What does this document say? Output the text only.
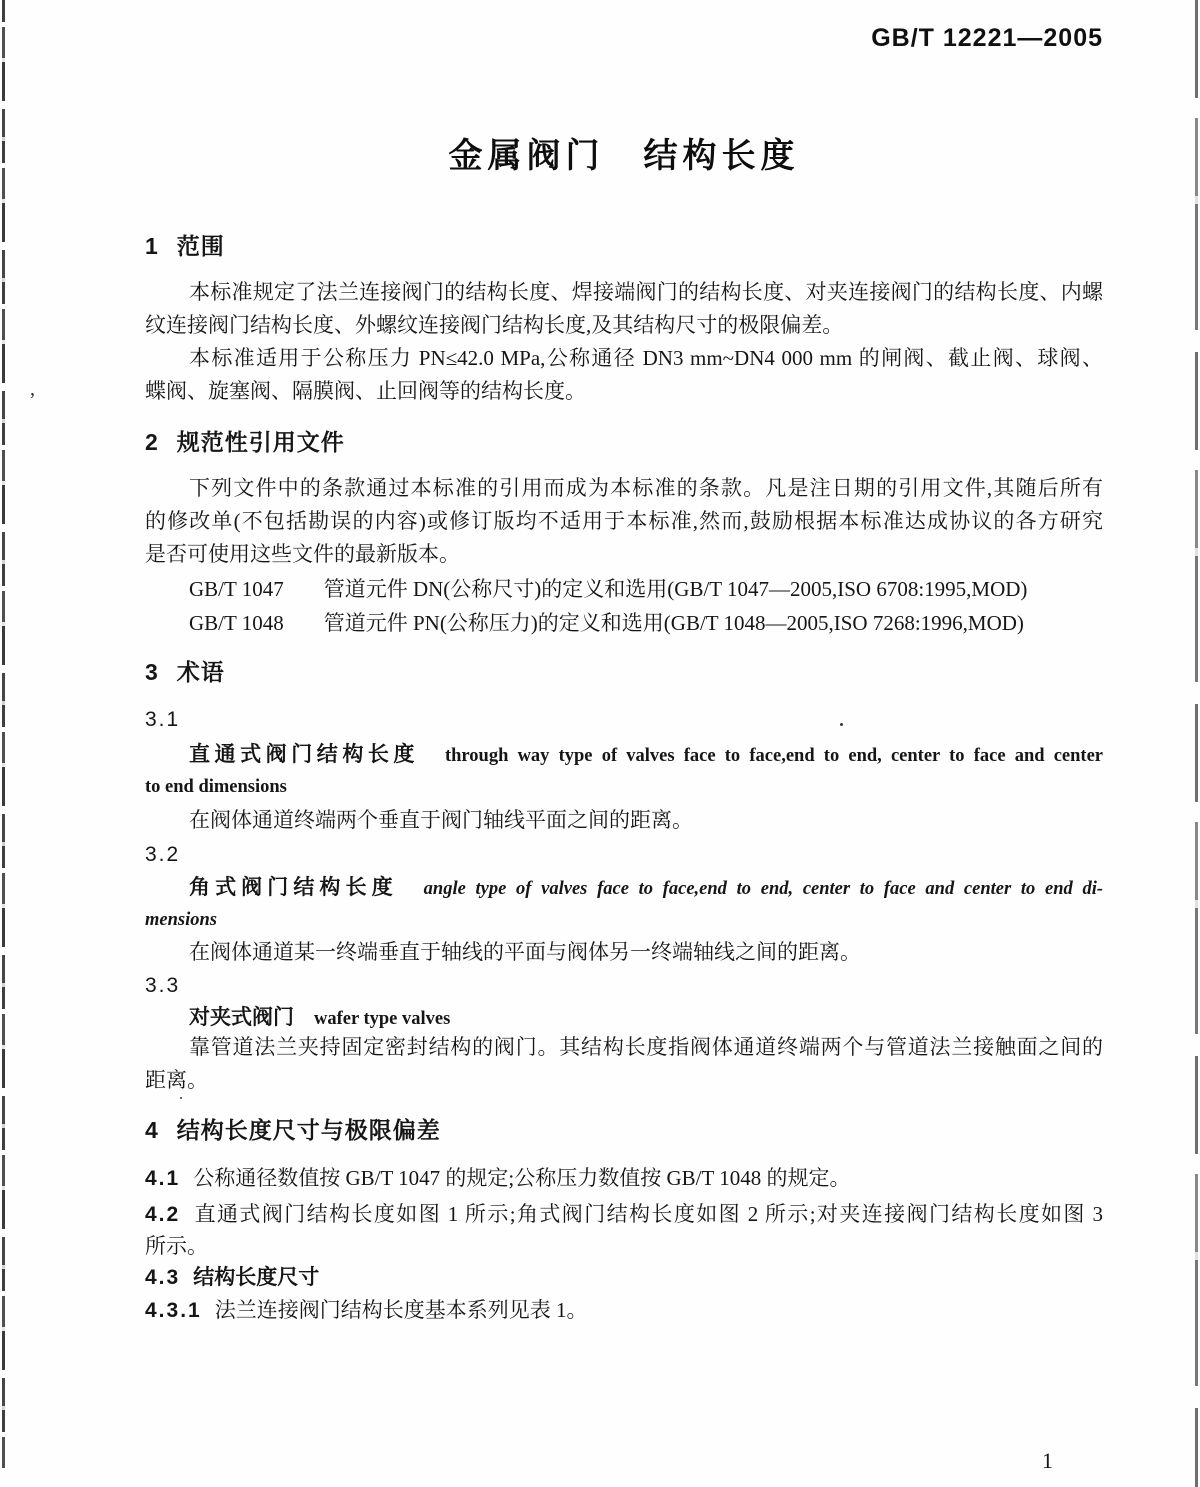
,
GB/T 12221—2005
金属阀门　结构长度
1 范围
本标准规定了法兰连接阀门的结构长度、焊接端阀门的结构长度、对夹连接阀门的结构长度、内螺
纹连接阀门结构长度、外螺纹连接阀门结构长度,及其结构尺寸的极限偏差。
本标准适用于公称压力 PN≤42.0 MPa,公称通径 DN3 mm~DN4 000 mm 的闸阀、截止阀、球阀、
蝶阀、旋塞阀、隔膜阀、止回阀等的结构长度。
2 规范性引用文件
下列文件中的条款通过本标准的引用而成为本标准的条款。凡是注日期的引用文件,其随后所有
的修改单(不包括勘误的内容)或修订版均不适用于本标准,然而,鼓励根据本标准达成协议的各方研究
是否可使用这些文件的最新版本。
GB/T 1047 管道元件 DN(公称尺寸)的定义和选用(GB/T 1047—2005,ISO 6708:1995,MOD)
GB/T 1048 管道元件 PN(公称压力)的定义和选用(GB/T 1048—2005,ISO 7268:1996,MOD)
3 术语
3.1
直通式阀门结构长度 through way type of valves face to face,end to end, center to face and center
to end dimensions
在阀体通道终端两个垂直于阀门轴线平面之间的距离。
3.2
角式阀门结构长度 angle type of valves face to face,end to end, center to face and center to end di-
mensions
在阀体通道某一终端垂直于轴线的平面与阀体另一终端轴线之间的距离。
3.3
对夹式阀门 wafer type valves
靠管道法兰夹持固定密封结构的阀门。其结构长度指阀体通道终端两个与管道法兰接触面之间的
距离。
4 结构长度尺寸与极限偏差
4.1 公称通径数值按 GB/T 1047 的规定;公称压力数值按 GB/T 1048 的规定。
4.2 直通式阀门结构长度如图 1 所示;角式阀门结构长度如图 2 所示;对夹连接阀门结构长度如图 3
所示。
4.3 结构长度尺寸
4.3.1 法兰连接阀门结构长度基本系列见表 1。
1
